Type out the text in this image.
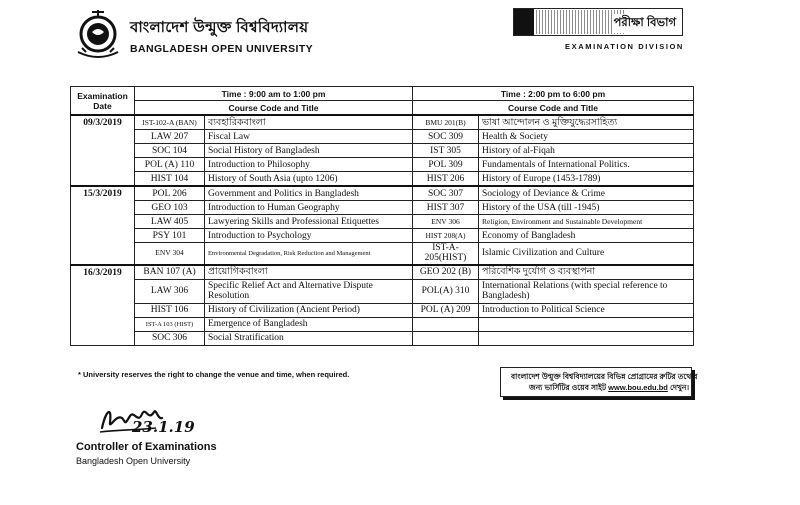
বাংলাদেশ উন্মুক্ত বিশ্ববিদ্যালয়
BANGLADESH OPEN UNIVERSITY
পরীক্ষা বিভাগ
EXAMINATION DIVISION
Examination Date	Time : 9:00 am to 1:00 pm		Time : 2:00 pm to 6:00 pm	
	Course Code and Title		Course Code and Title	
09/3/2019	IST-102-A (BAN)	ব্যবহারিকবাংলা	BMU 201(B)	ভাষা আন্দোলন ও মুক্তিযুদ্ধেরসাহিত্য
	LAW 207	Fiscal Law	SOC 309	Health & Society
	SOC 104	Social History of Bangladesh	IST 305	History of al-Fiqah
	POL (A) 110	Introduction to Philosophy	POL 309	Fundamentals of International Politics.
	HIST 104	History of South Asia (upto 1206)	HIST 206	History of Europe (1453-1789)
15/3/2019	POL 206	Government and Politics in Bangladesh	SOC 307	Sociology of Deviance & Crime
	GEO 103	Introduction to Human Geography	HIST 307	History of the USA (till -1945)
	LAW 405	Lawyering Skills and Professional Etiquettes	ENV 306	Religion, Environment and Sustainable Development
	PSY 101	Introduction to Psychology	HIST 208(A)	Economy of Bangladesh
	ENV 304	Environmental Degradation, Risk Reduction and Management	IST-A-205(HIST)	Islamic Civilization and Culture
16/3/2019	BAN 107 (A)	প্রায়োগিকবাংলা	GEO 202 (B)	পরিবেশিক দুর্যোগ ও ব্যবস্থাপনা
	LAW 306	Specific Relief Act and Alternative Dispute Resolution	POL(A) 310	International Relations (with special reference to Bangladesh)
	HIST 106	History of Civilization (Ancient Period)	POL (A) 209	Introduction to Political Science
	IST-A 103 (HIST)	Emergence of Bangladesh		
	SOC 306	Social Stratification		
* University reserves the right to change the venue and time, when required.	বাংলাদেশ উন্মুক্ত বিশ্ববিদ্যালয়ের বিভিন্ন প্রোগ্রামের রুটির তথ্যের
জন্য ভার্সিটির ওয়েব সাইট www.bou.edu.bd দেখুন।
23.1.19
Controller of Examinations
Bangladesh Open University
